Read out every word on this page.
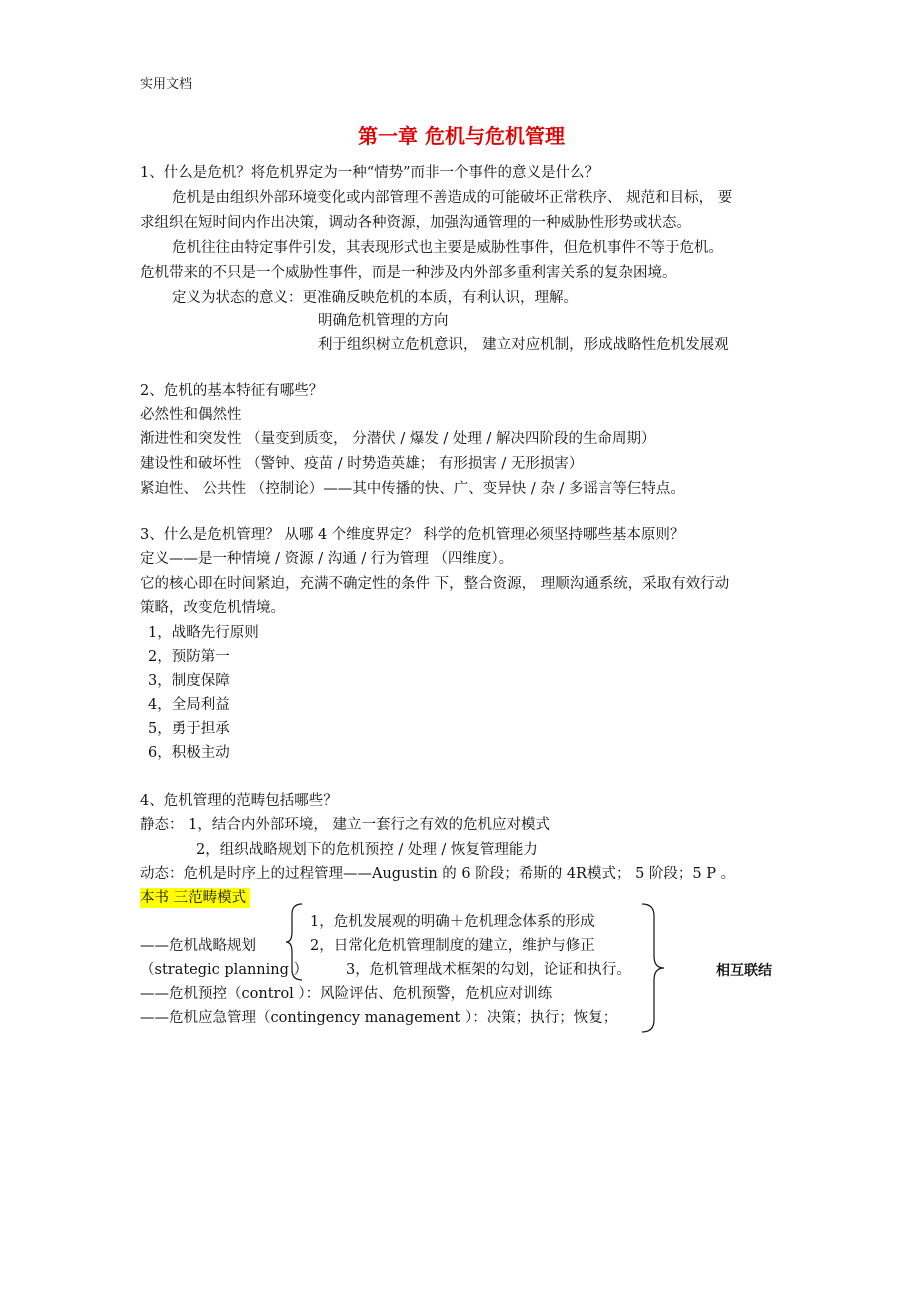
实用文档
第一章 危机与危机管理
1、什么是危机？将危机界定为一种“情势”而非一个事件的意义是什么？
危机是由组织外部环境变化或内部管理不善造成的可能破坏正常秩序、 规范和目标， 要
求组织在短时间内作出决策，调动各种资源，加强沟通管理的一种威胁性形势或状态。
危机往往由特定事件引发，其表现形式也主要是威胁性事件，但危机事件不等于危机。
危机带来的不只是一个威胁性事件，而是一种涉及内外部多重利害关系的复杂困境。
定义为状态的意义：更准确反映危机的本质，有利认识，理解。
明确危机管理的方向
利于组织树立危机意识， 建立对应机制，形成战略性危机发展观
2、危机的基本特征有哪些？
必然性和偶然性
渐进性和突发性 （量变到质变， 分潜伏 / 爆发 / 处理 / 解决四阶段的生命周期）
建设性和破坏性 （警钟、疫苗 / 时势造英雄； 有形损害 / 无形损害）
紧迫性、 公共性 （控制论）——其中传播的快、广、变异快 / 杂 / 多谣言等仨特点。
3、什么是危机管理？ 从哪 4 个维度界定？ 科学的危机管理必须坚持哪些基本原则？
定义——是一种情境 / 资源 / 沟通 / 行为管理 （四维度）。
它的核心即在时间紧迫，充满不确定性的条件 下，整合资源， 理顺沟通系统，采取有效行动
策略，改变危机情境。
1，战略先行原则
2，预防第一
3，制度保障
4，全局利益
5，勇于担承
6，积极主动
4、危机管理的范畴包括哪些？
静态： 1，结合内外部环境， 建立一套行之有效的危机应对模式
2，组织战略规划下的危机预控 / 处理 / 恢复管理能力
动态：危机是时序上的过程管理——Augustin 的 6 阶段；希斯的 4R模式； 5 阶段；5 P 。
本书 三范畴模式
1，危机发展观的明确＋危机理念体系的形成
——危机战略规划	2，日常化危机管理制度的建立，维护与修正
（strategic planning ）	3，危机管理战术框架的勾划，论证和执行。
——危机预控（control ）：风险评估、危机预警，危机应对训练
——危机应急管理（contingency management ）：决策；执行；恢复；
相互联结
